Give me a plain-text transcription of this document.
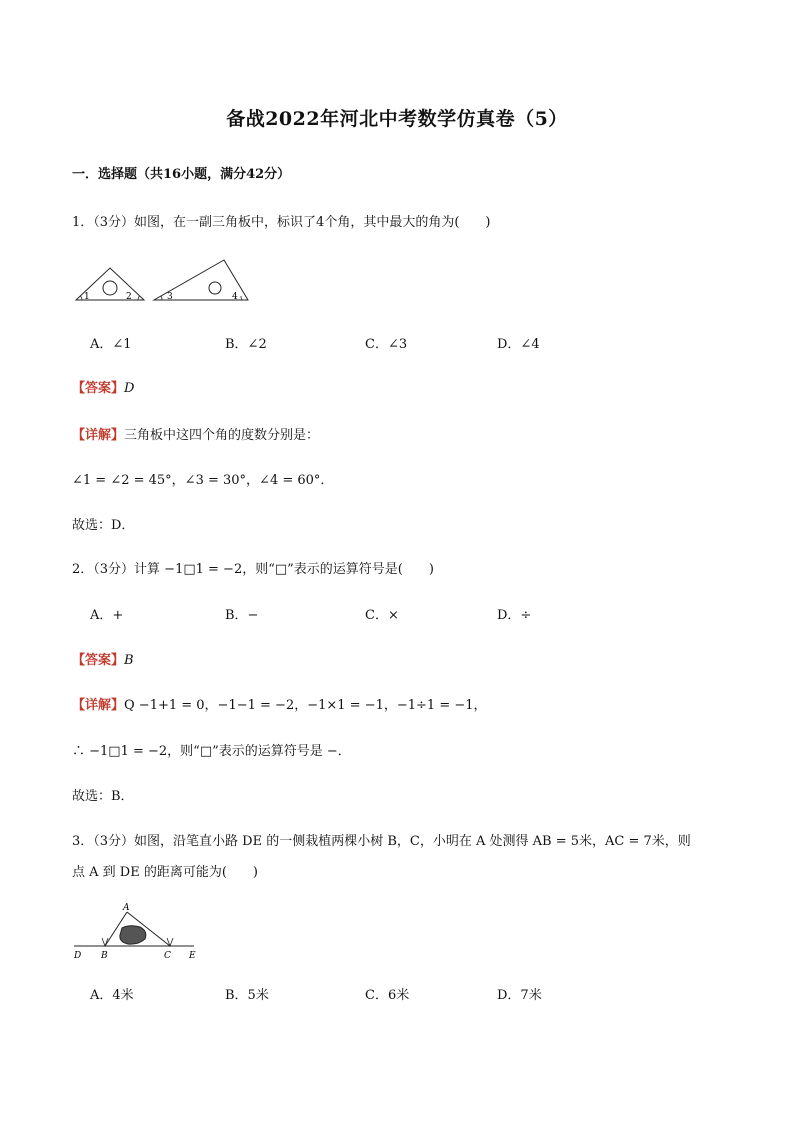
备战2022年河北中考数学仿真卷（5）
一．选择题（共16小题，满分42分）
1．（3分）如图，在一副三角板中，标识了4个角，其中最大的角为(　　)
1	2	3	4
A．∠1	B．∠2	C．∠3	D．∠4
【答案】D
【详解】三角板中这四个角的度数分别是：
∠1 = ∠2 = 45°，∠3 = 30°，∠4 = 60°．
故选：D．
2．（3分）计算 −1□1 = −2，则“□”表示的运算符号是(　　)
A．+	B．−	C．×	D．÷
【答案】B
【详解】Q −1+1 = 0，−1−1 = −2，−1×1 = −1，−1÷1 = −1，
∴ −1□1 = −2，则“□”表示的运算符号是 −．
故选：B．
3．（3分）如图，沿笔直小路 DE 的一侧栽植两棵小树 B，C，小明在 A 处测得 AB = 5米，AC = 7米，则
点 A 到 DE 的距离可能为(　　)
A
D B	C E
A．4米	B．5米	C．6米	D．7米
